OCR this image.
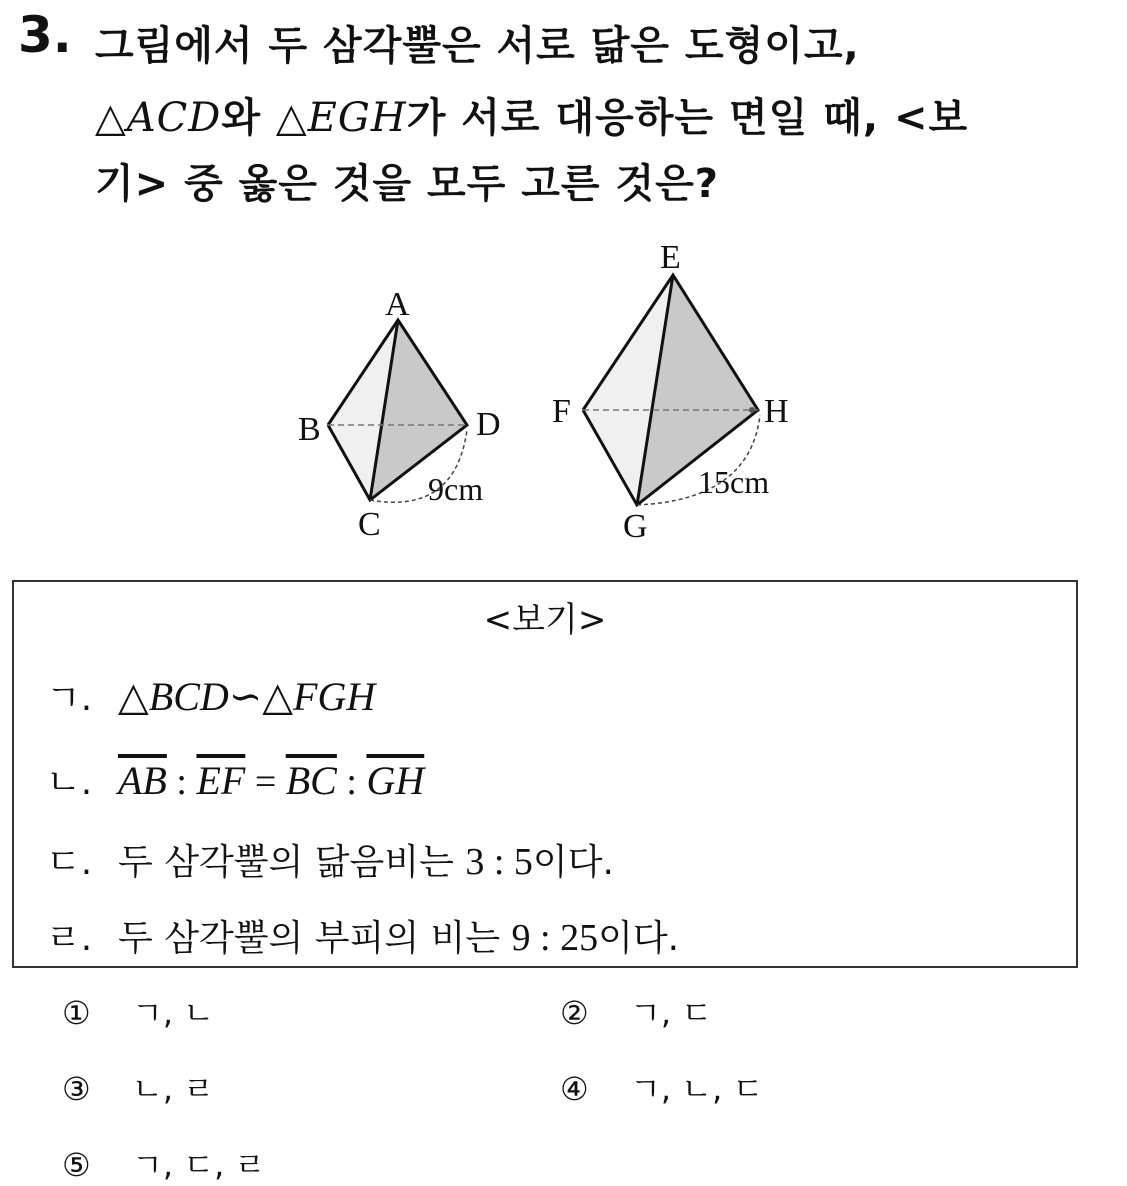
3. 그림에서 두 삼각뿔은 서로 닮은 도형이고,
△ACD와 △EGH가 서로 대응하는 면일 때, <보
기> 중 옳은 것을 모두 고른 것은?
A
B
C
D
9cm
E
F
G
H
15cm
<보기>
ㄱ. △BCD∽△FGH
ㄴ. $\overline{AB}$ : $\overline{EF} = \overline{BC}$ : $\overline{GH}$
ㄷ. 두 삼각뿔의 닮음비는 3 : 5이다.
ㄹ. 두 삼각뿔의 부피의 비는 9 : 25이다.
① ㄱ, ㄴ	② ㄱ, ㄷ
③ ㄴ, ㄹ	④ ㄱ, ㄴ, ㄷ
⑤ ㄱ, ㄷ, ㄹ
